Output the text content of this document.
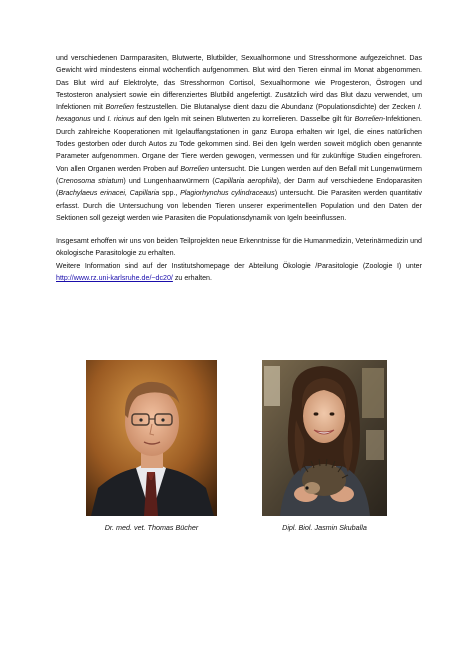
und verschiedenen Darmparasiten, Blutwerte, Blutbilder, Sexualhormone und Stresshormone aufgezeichnet. Das Gewicht wird mindestens einmal wöchentlich aufgenommen. Blut wird den Tieren einmal im Monat abgenommen. Das Blut wird auf Elektrolyte, das Stresshormon Cortisol, Sexualhormone wie Progesteron, Östrogen und Testosteron analysiert sowie ein differenziertes Blutbild angefertigt. Zusätzlich wird das Blut dazu verwendet, um Infektionen mit Borrelien festzustellen. Die Blutanalyse dient dazu die Abundanz (Populationsdichte) der Zecken I. hexagonus und I. ricinus auf den Igeln mit seinen Blutwerten zu korrelieren. Dasselbe gilt für Borrelien-Infektionen. Durch zahlreiche Kooperationen mit Igelauffangstationen in ganz Europa erhalten wir Igel, die eines natürlichen Todes gestorben oder durch Autos zu Tode gekommen sind. Bei den Igeln werden soweit möglich oben genannte Parameter aufgenommen. Organe der Tiere werden gewogen, vermessen und für zukünftige Studien eingefroren. Von allen Organen werden Proben auf Borrelien untersucht. Die Lungen werden auf den Befall mit Lungenwürmern (Crenosoma striatum) und Lungenhaarwürmern (Capillaria aerophila), der Darm auf verschiedene Endoparasiten (Brachylaeus erinacei, Capillaria spp., Plagiorhynchus cylindraceaus) untersucht. Die Parasiten werden quantitativ erfasst. Durch die Untersuchung von lebenden Tieren unserer experimentellen Population und den Daten der Sektionen soll gezeigt werden wie Parasiten die Populationsdynamik von Igeln beeinflussen.

Insgesamt erhoffen wir uns von beiden Teilprojekten neue Erkenntnisse für die Humanmedizin, Veterinärmedizin und ökologische Parasitologie zu erhalten.

Weitere Information sind auf der Institutshomepage der Abteilung Ökologie /Parasitologie (Zoologie I) unter http://www.rz.uni-karlsruhe.de/~dc20/ zu erhalten.

Dr. med. vet. Thomas Bücher	Dipl. Biol. Jasmin Skuballa
